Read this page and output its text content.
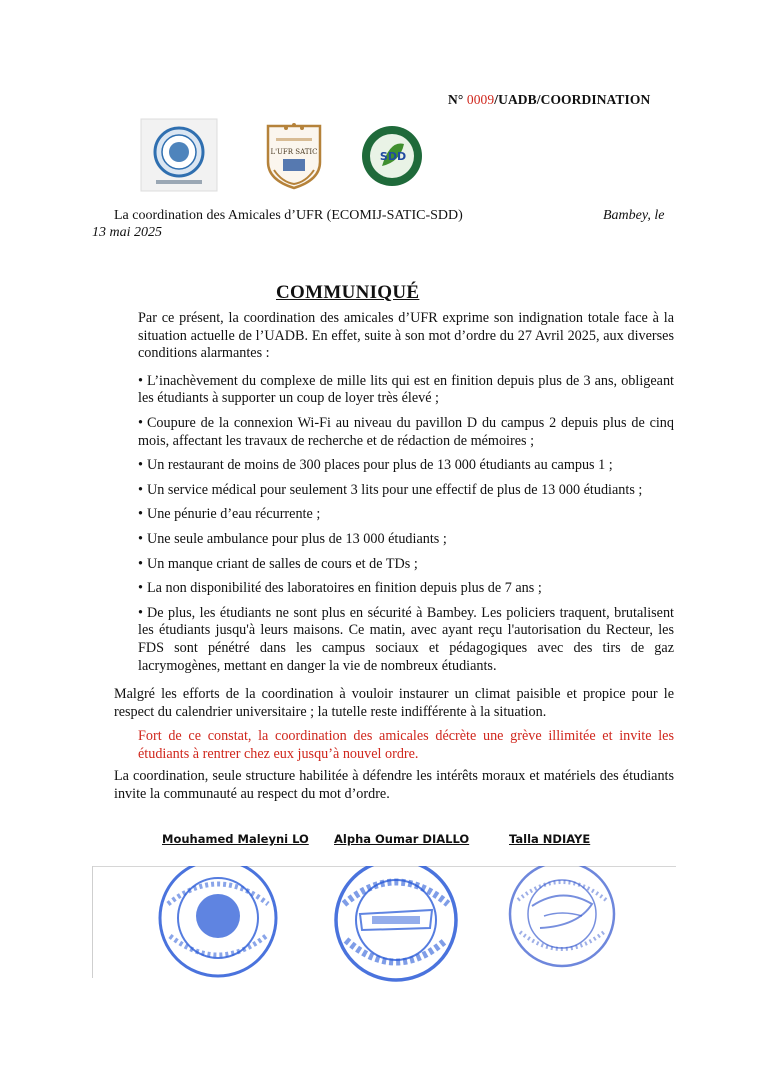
N° 0009/UADB/COORDINATION
L'UFR SATIC	SDD
La coordination des Amicales d’UFR (ECOMIJ-SATIC-SDD)	Bambey, le
13 mai 2025
COMMUNIQUÉ

Par ce présent, la coordination des amicales d’UFR exprime son indignation totale face à la situation actuelle de l’UADB. En effet, suite à son mot d’ordre du 27 Avril 2025, aux diverses conditions alarmantes :

• L’inachèvement du complexe de mille lits qui est en finition depuis plus de 3 ans, obligeant les étudiants à supporter un coup de loyer très élevé ;

• Coupure de la connexion Wi-Fi au niveau du pavillon D du campus 2 depuis plus de cinq mois, affectant les travaux de recherche et de rédaction de mémoires ;

• Un restaurant de moins de 300 places pour plus de 13 000 étudiants au campus 1 ;

• Un service médical pour seulement 3 lits pour une effectif de plus de 13 000 étudiants ;

• Une pénurie d’eau récurrente ;

• Une seule ambulance pour plus de 13 000 étudiants ;

• Un manque criant de salles de cours et de TDs ;

• La non disponibilité des laboratoires en finition depuis plus de 7 ans ;

• De plus, les étudiants ne sont plus en sécurité à Bambey. Les policiers traquent, brutalisent les étudiants jusqu'à leurs maisons. Ce matin, avec ayant reçu l'autorisation du Recteur, les FDS sont pénétré dans les campus sociaux et pédagogiques avec des tirs de gaz lacrymogènes, mettant en danger la vie de nombreux étudiants.

Malgré les efforts de la coordination à vouloir instaurer un climat paisible et propice pour le respect du calendrier universitaire ; la tutelle reste indifférente à la situation.

Fort de ce constat, la coordination des amicales décrète une grève illimitée et invite les étudiants à rentrer chez eux jusqu’à nouvel ordre.

La coordination, seule structure habilitée à défendre les intérêts moraux et matériels des étudiants invite la communauté au respect du mot d’ordre.

Mouhamed Maleyni LO Alpha Oumar DIALLO	Talla NDIAYE
